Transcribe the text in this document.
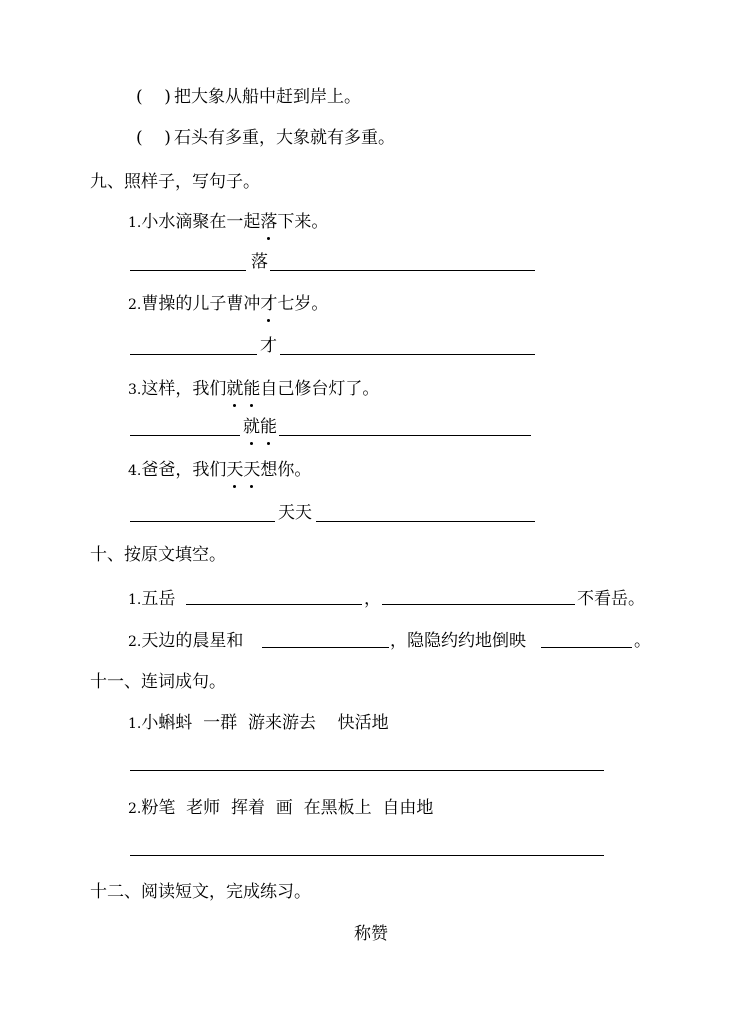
( ) 把大象从船中赶到岸上。
( ) 石头有多重，大象就有多重。
九、照样子，写句子。
1.小水滴聚在一起落下来。
落
2.曹操的儿子曹冲才七岁。
才
3.这样，我们就能自己修台灯了。
就能
4.爸爸，我们天天想你。
天天
十、按原文填空。
1.五岳	，	不看岳。
2.天边的晨星和	，隐隐约约地倒映	。
十一、连词成句。
1.小蝌蚪 一群 游来游去 快活地
2.粉笔 老师 挥着 画 在黑板上 自由地
十二、阅读短文，完成练习。
称赞
